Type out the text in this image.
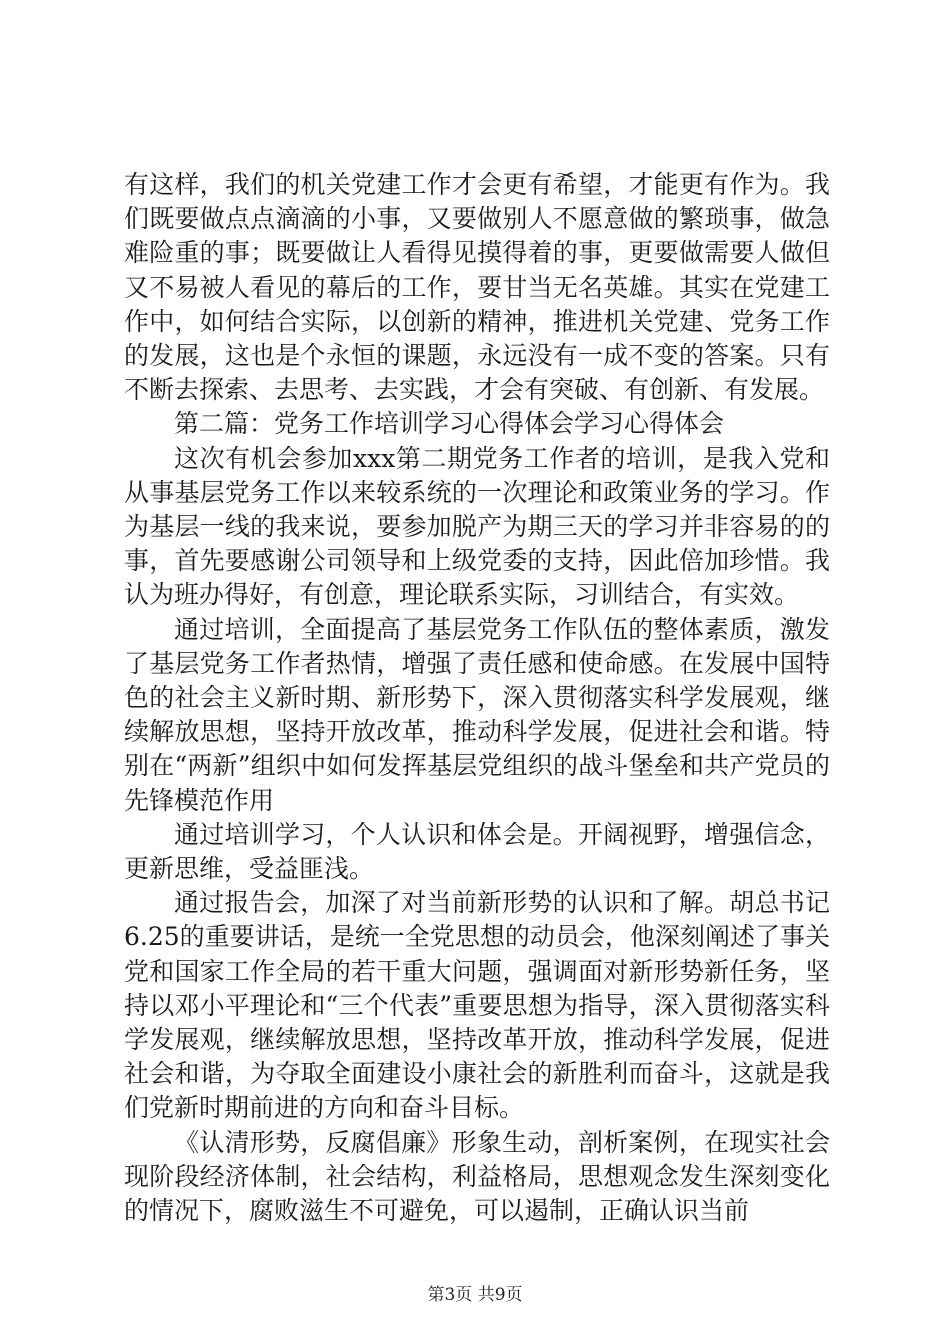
有这样，我们的机关党建工作才会更有希望，才能更有作为。我们既要做点点滴滴的小事，又要做别人不愿意做的繁琐事，做急难险重的事；既要做让人看得见摸得着的事，更要做需要人做但又不易被人看见的幕后的工作，要甘当无名英雄。其实在党建工作中，如何结合实际，以创新的精神，推进机关党建、党务工作的发展，这也是个永恒的课题，永远没有一成不变的答案。只有不断去探索、去思考、去实践，才会有突破、有创新、有发展。

第二篇：党务工作培训学习心得体会学习心得体会

这次有机会参加xxx第二期党务工作者的培训，是我入党和从事基层党务工作以来较系统的一次理论和政策业务的学习。作为基层一线的我来说，要参加脱产为期三天的学习并非容易的的事，首先要感谢公司领导和上级党委的支持，因此倍加珍惜。我认为班办得好，有创意，理论联系实际，习训结合，有实效。

通过培训，全面提高了基层党务工作队伍的整体素质，激发了基层党务工作者热情，增强了责任感和使命感。在发展中国特色的社会主义新时期、新形势下，深入贯彻落实科学发展观，继续解放思想，坚持开放改革，推动科学发展，促进社会和谐。特别在“两新”组织中如何发挥基层党组织的战斗堡垒和共产党员的先锋模范作用

通过培训学习，个人认识和体会是。开阔视野，增强信念，更新思维，受益匪浅。

通过报告会，加深了对当前新形势的认识和了解。胡总书记6.25的重要讲话，是统一全党思想的动员会，他深刻阐述了事关党和国家工作全局的若干重大问题，强调面对新形势新任务，坚持以邓小平理论和“三个代表”重要思想为指导，深入贯彻落实科学发展观，继续解放思想，坚持改革开放，推动科学发展，促进社会和谐，为夺取全面建设小康社会的新胜利而奋斗，这就是我们党新时期前进的方向和奋斗目标。

《认清形势，反腐倡廉》形象生动，剖析案例，在现实社会现阶段经济体制，社会结构，利益格局，思想观念发生深刻变化的情况下，腐败滋生不可避免，可以遏制，正确认识当前

第3页 共9页
